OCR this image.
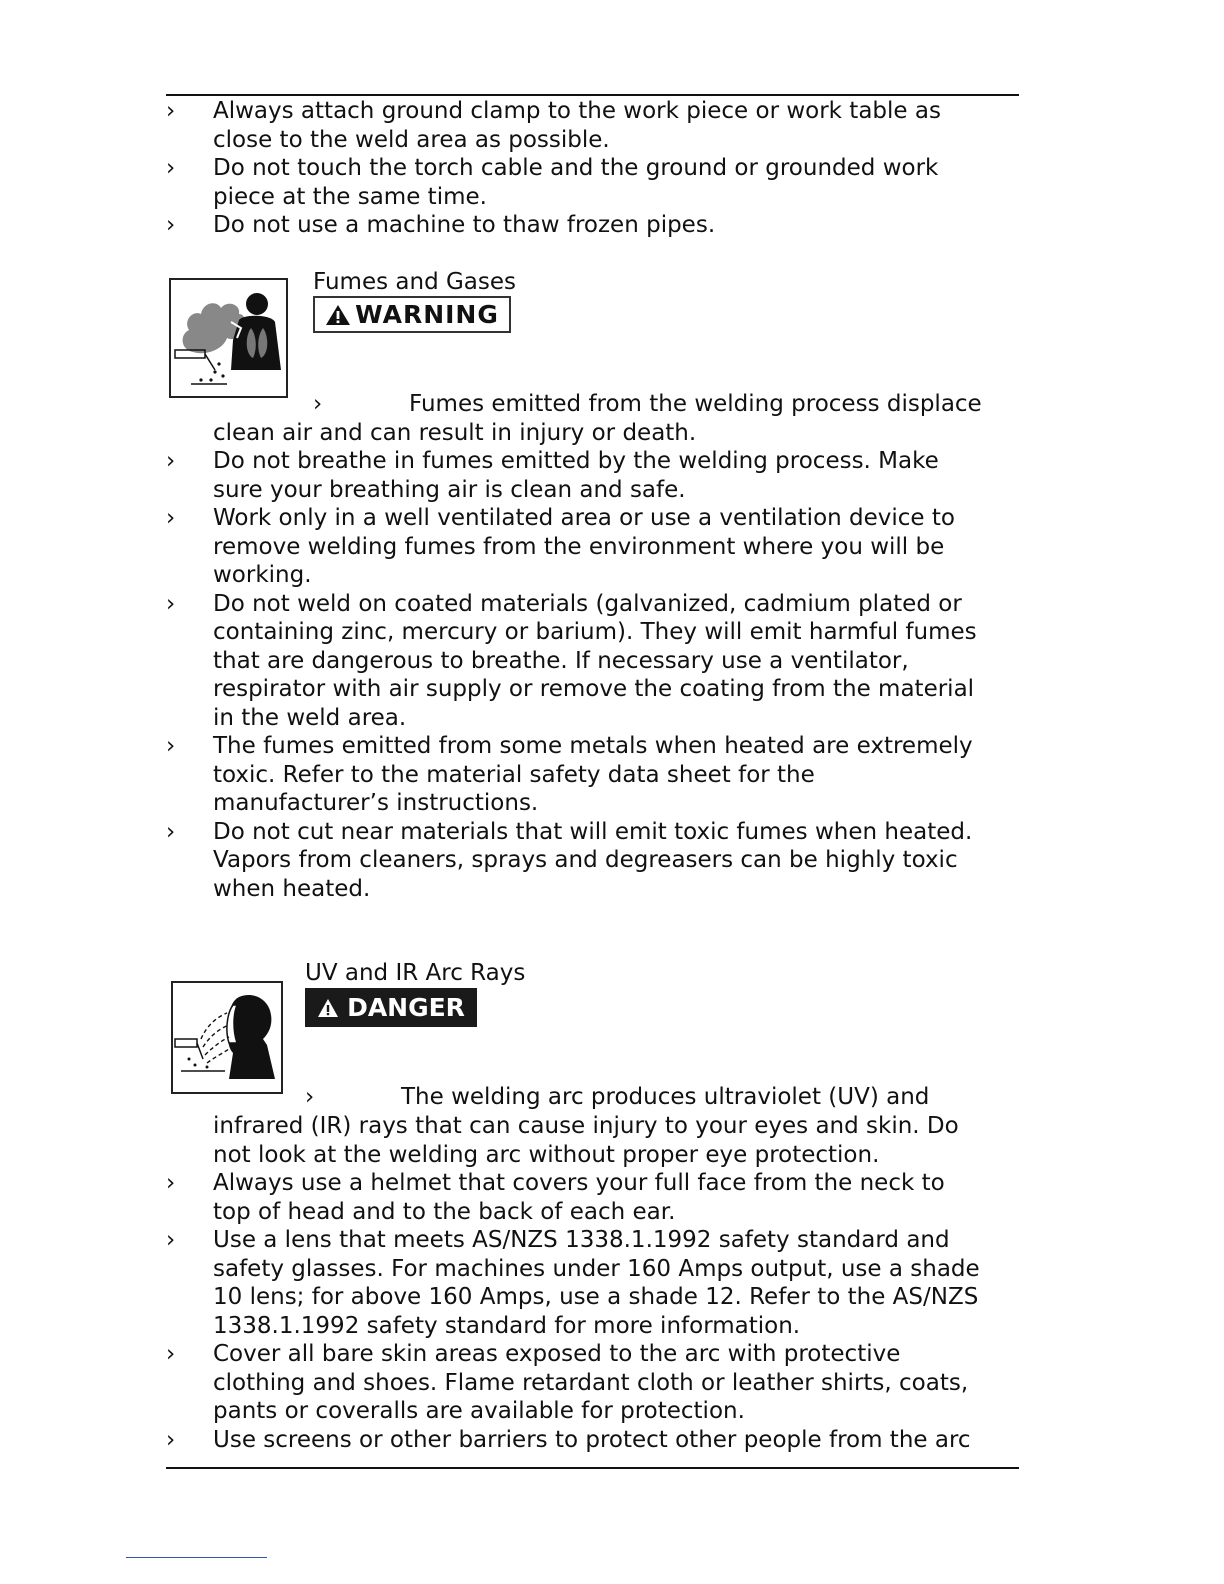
› Always attach ground clamp to the work piece or work table as
close to the weld area as possible.
› Do not touch the torch cable and the ground or grounded work
piece at the same time.
› Do not use a machine to thaw frozen pipes.
Fumes and Gases
WARNING
›	Fumes emitted from the welding process displace
clean air and can result in injury or death.
› Do not breathe in fumes emitted by the welding process. Make
sure your breathing air is clean and safe.
› Work only in a well ventilated area or use a ventilation device to
remove welding fumes from the environment where you will be
working.
› Do not weld on coated materials (galvanized, cadmium plated or
containing zinc, mercury or barium). They will emit harmful fumes
that are dangerous to breathe. If necessary use a ventilator,
respirator with air supply or remove the coating from the material
in the weld area.
› The fumes emitted from some metals when heated are extremely
toxic. Refer to the material safety data sheet for the
manufacturer’s instructions.
› Do not cut near materials that will emit toxic fumes when heated.
Vapors from cleaners, sprays and degreasers can be highly toxic
when heated.
UV and IR Arc Rays
DANGER
›	The welding arc produces ultraviolet (UV) and
infrared (IR) rays that can cause injury to your eyes and skin. Do
not look at the welding arc without proper eye protection.
› Always use a helmet that covers your full face from the neck to
top of head and to the back of each ear.
› Use a lens that meets AS/NZS 1338.1.1992 safety standard and
safety glasses. For machines under 160 Amps output, use a shade
10 lens; for above 160 Amps, use a shade 12. Refer to the AS/NZS
1338.1.1992 safety standard for more information.
› Cover all bare skin areas exposed to the arc with protective
clothing and shoes. Flame retardant cloth or leather shirts, coats,
pants or coveralls are available for protection.
› Use screens or other barriers to protect other people from the arc
